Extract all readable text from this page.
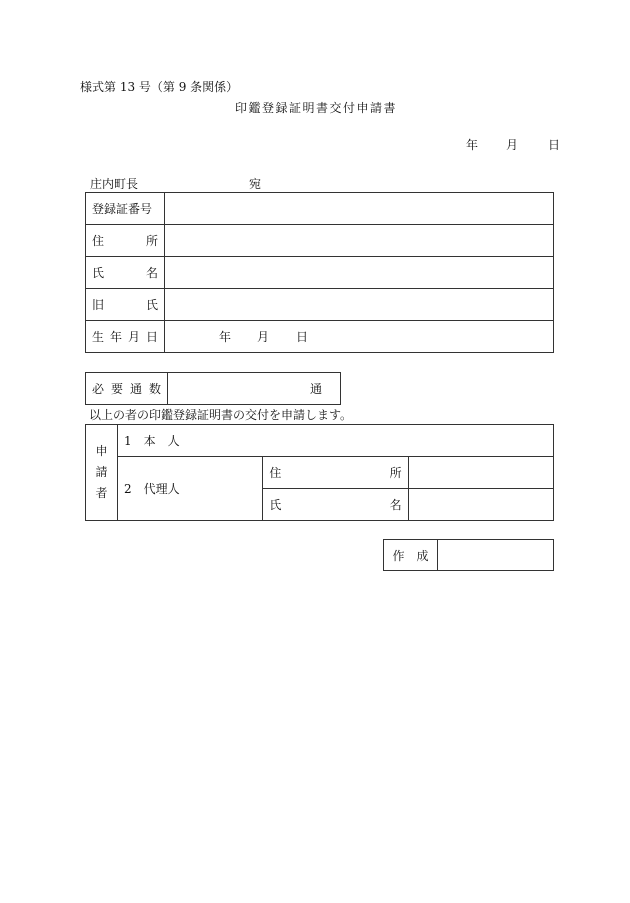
様式第 13 号（第 9 条関係）
印鑑登録証明書交付申請書
年 月	日
庄内町長	宛
登録証番号	

住 所	

氏 名	

旧 氏	

生 年 月 日	年 月 日
必 要 通 数	通
以上の者の印鑑登録証明書の交付を申請します。
申
請
者	1　本　人		
	2　代理人	住 所	

		氏 名	

作　成	
